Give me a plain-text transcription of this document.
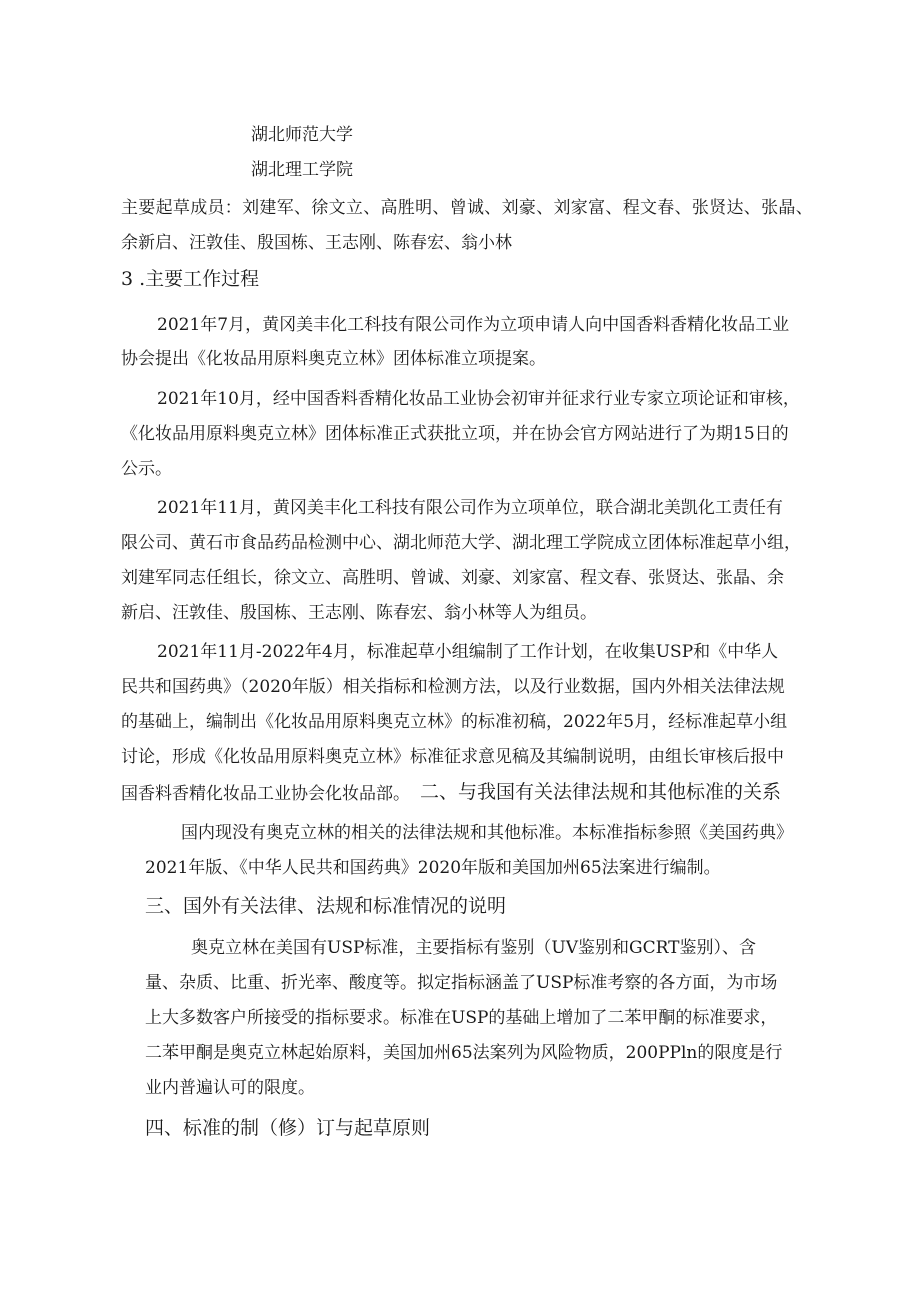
湖北师范大学

湖北理工学院

主要起草成员：刘建军、徐文立、高胜明、曾诚、刘豪、刘家富、程文春、张贤达、张晶、

余新启、汪敦佳、殷国栋、王志刚、陈春宏、翁小林

3 .主要工作过程

2021年7月，黄冈美丰化工科技有限公司作为立项申请人向中国香料香精化妆品工业

协会提出《化妆品用原料奥克立林》团体标准立项提案。

2021年10月，经中国香料香精化妆品工业协会初审并征求行业专家立项论证和审核，

《化妆品用原料奥克立林》团体标准正式获批立项，并在协会官方网站进行了为期15日的

公示。

2021年11月，黄冈美丰化工科技有限公司作为立项单位，联合湖北美凯化工责任有

限公司、黄石市食品药品检测中心、湖北师范大学、湖北理工学院成立团体标准起草小组，

刘建军同志任组长，徐文立、高胜明、曾诚、刘豪、刘家富、程文春、张贤达、张晶、余

新启、汪敦佳、殷国栋、王志刚、陈春宏、翁小林等人为组员。

2021年11月-2022年4月，标准起草小组编制了工作计划，在收集USP和《中华人

民共和国药典》（2020年版）相关指标和检测方法，以及行业数据，国内外相关法律法规

的基础上，编制出《化妆品用原料奥克立林》的标准初稿，2022年5月，经标准起草小组

讨论，形成《化妆品用原料奥克立林》标准征求意见稿及其编制说明，由组长审核后报中

国香料香精化妆品工业协会化妆品部。 二、与我国有关法律法规和其他标准的关系

国内现没有奥克立林的相关的法律法规和其他标准。本标准指标参照《美国药典》

2021年版、《中华人民共和国药典》2020年版和美国加州65法案进行编制。

三、国外有关法律、法规和标准情况的说明

奥克立林在美国有USP标准，主要指标有鉴别（UV鉴别和GCRT鉴别）、含

量、杂质、比重、折光率、酸度等。拟定指标涵盖了USP标准考察的各方面，为市场

上大多数客户所接受的指标要求。标准在USP的基础上增加了二苯甲酮的标准要求，

二苯甲酮是奥克立林起始原料，美国加州65法案列为风险物质，200PPln的限度是行

业内普遍认可的限度。

四、标准的制（修）订与起草原则
